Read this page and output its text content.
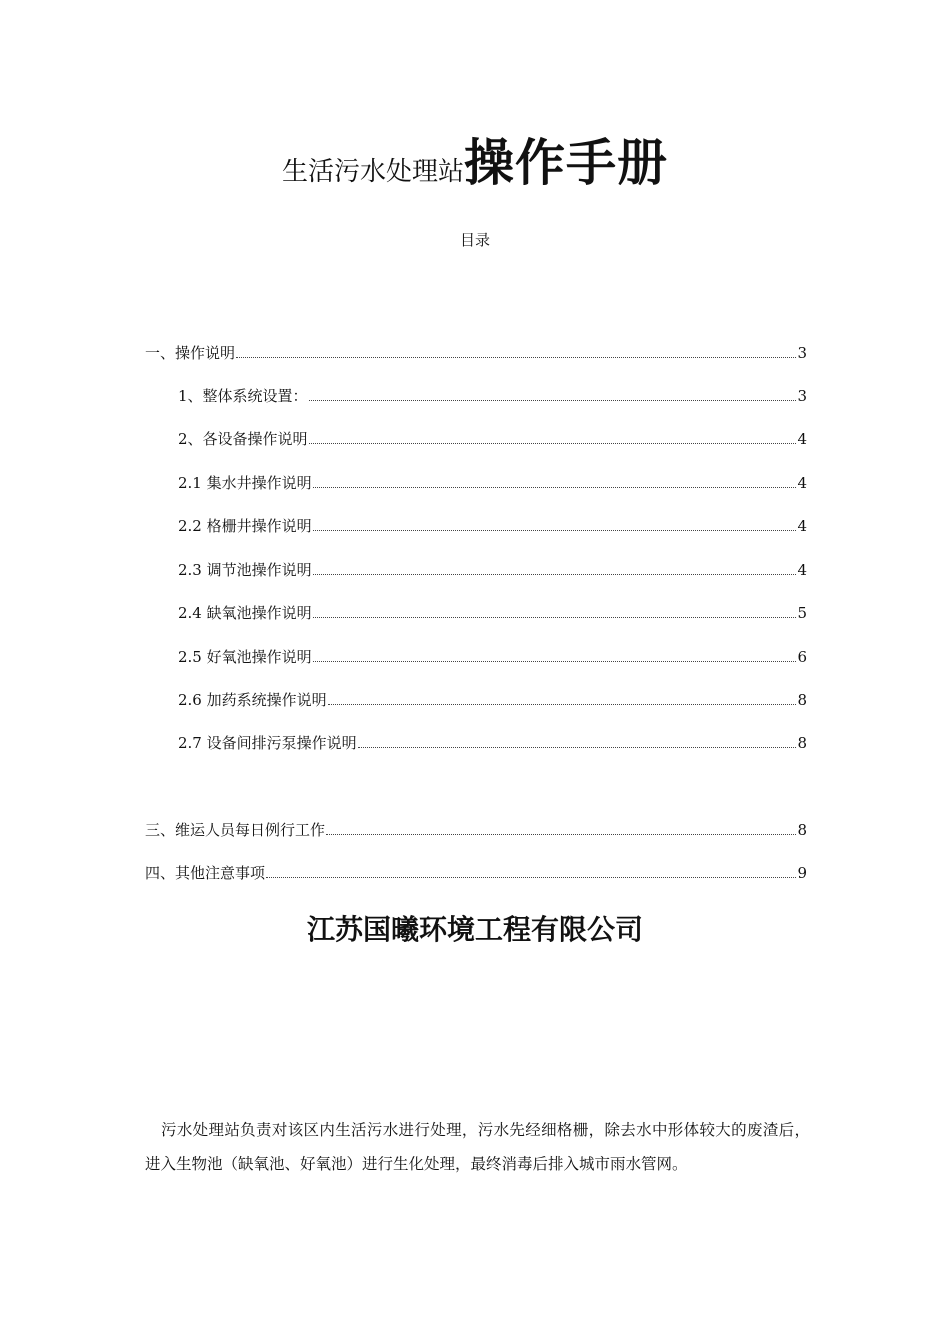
生活污水处理站操作手册
目录
一、操作说明	3
1、整体系统设置：	3
2、各设备操作说明	4
2.1 集水井操作说明	4
2.2 格栅井操作说明	4
2.3 调节池操作说明	4
2.4 缺氧池操作说明	5
2.5 好氧池操作说明	6
2.6 加药系统操作说明	8
2.7 设备间排污泵操作说明	8
三、维运人员每日例行工作	8
四、其他注意事项	9
江苏国曦环境工程有限公司

污水处理站负责对该区内生活污水进行处理，污水先经细格栅，除去水中形体较大的废渣后，进入生物池（缺氧池、好氧池）进行生化处理，最终消毒后排入城市雨水管网。
